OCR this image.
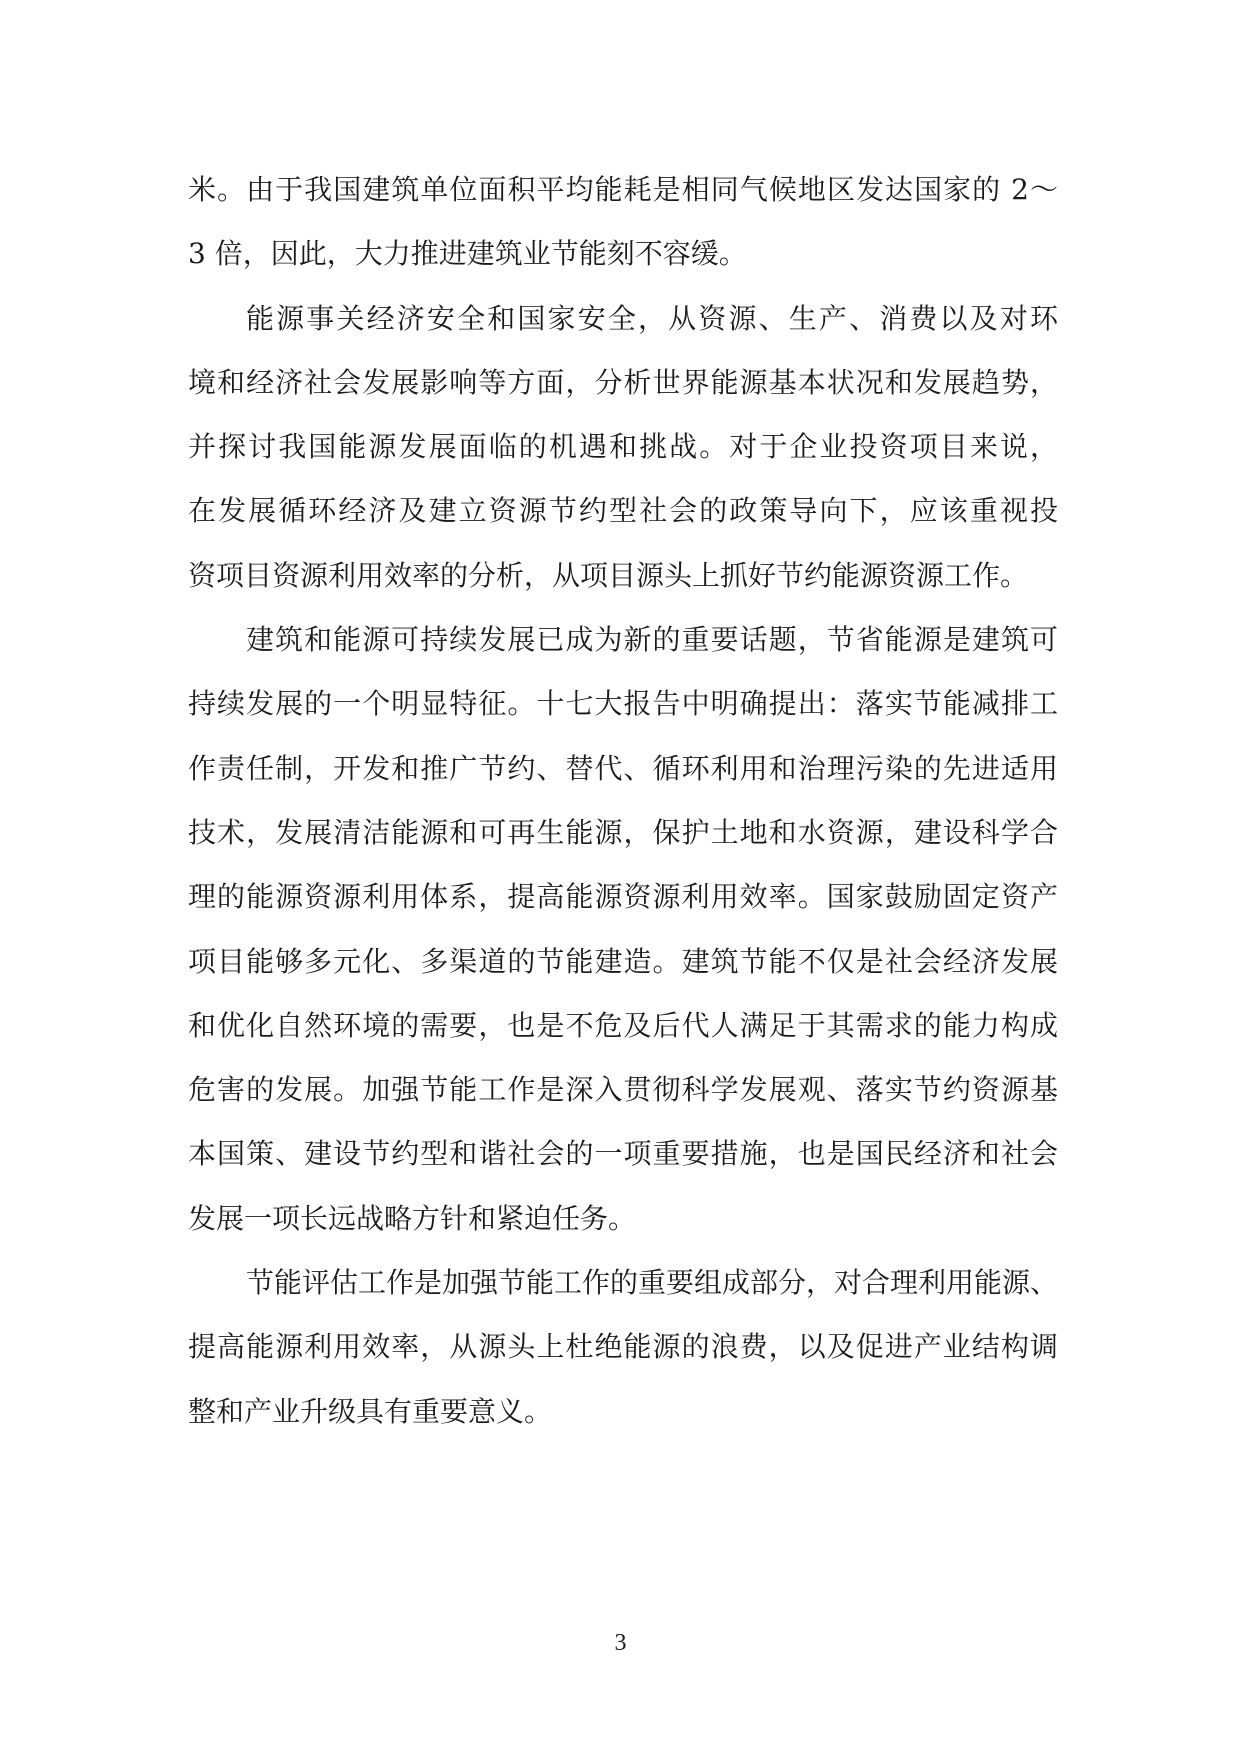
米。由于我国建筑单位面积平均能耗是相同气候地区发达国家的 2～
3 倍，因此，大力推进建筑业节能刻不容缓。
能源事关经济安全和国家安全，从资源、生产、消费以及对环
境和经济社会发展影响等方面，分析世界能源基本状况和发展趋势，
并探讨我国能源发展面临的机遇和挑战。对于企业投资项目来说，
在发展循环经济及建立资源节约型社会的政策导向下，应该重视投
资项目资源利用效率的分析，从项目源头上抓好节约能源资源工作。
建筑和能源可持续发展已成为新的重要话题，节省能源是建筑可
持续发展的一个明显特征。十七大报告中明确提出：落实节能减排工
作责任制，开发和推广节约、替代、循环利用和治理污染的先进适用
技术，发展清洁能源和可再生能源，保护土地和水资源，建设科学合
理的能源资源利用体系，提高能源资源利用效率。国家鼓励固定资产
项目能够多元化、多渠道的节能建造。建筑节能不仅是社会经济发展
和优化自然环境的需要，也是不危及后代人满足于其需求的能力构成
危害的发展。加强节能工作是深入贯彻科学发展观、落实节约资源基
本国策、建设节约型和谐社会的一项重要措施，也是国民经济和社会
发展一项长远战略方针和紧迫任务。
节能评估工作是加强节能工作的重要组成部分，对合理利用能源、
提高能源利用效率，从源头上杜绝能源的浪费，以及促进产业结构调
整和产业升级具有重要意义。
3
